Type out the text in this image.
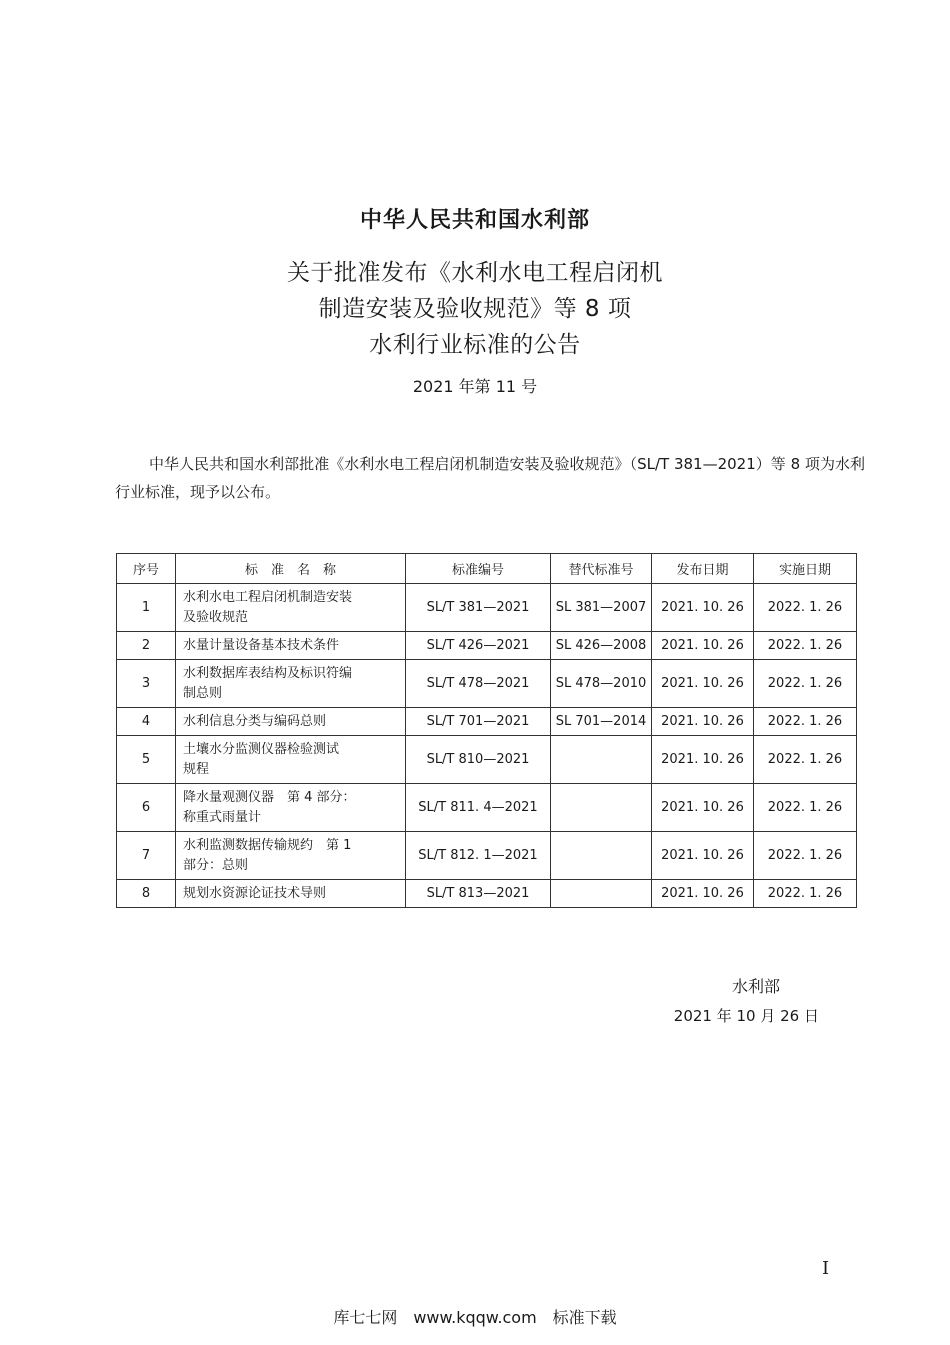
中华人民共和国水利部
关于批准发布《水利水电工程启闭机
制造安装及验收规范》等 8 项
水利行业标准的公告
2021 年第 11 号
中华人民共和国水利部批准《水利水电工程启闭机制造安装及验收规范》（SL/T 381—2021）等 8 项为水利行业标准，现予以公布。
序号	标　准　名　称	标准编号	替代标准号	发布日期	实施日期
1	水利水电工程启闭机制造安装
及验收规范	SL/T 381—2021	SL 381—2007	2021. 10. 26	2022. 1. 26
2	水量计量设备基本技术条件	SL/T 426—2021	SL 426—2008	2021. 10. 26	2022. 1. 26
3	水利数据库表结构及标识符编
制总则	SL/T 478—2021	SL 478—2010	2021. 10. 26	2022. 1. 26
4	水利信息分类与编码总则	SL/T 701—2021	SL 701—2014	2021. 10. 26	2022. 1. 26
5	土壤水分监测仪器检验测试
规程	SL/T 810—2021		2021. 10. 26	2022. 1. 26
6	降水量观测仪器　第 4 部分：
称重式雨量计	SL/T 811. 4—2021		2021. 10. 26	2022. 1. 26
7	水利监测数据传输规约　第 1
部分：总则	SL/T 812. 1—2021		2021. 10. 26	2022. 1. 26
8	规划水资源论证技术导则	SL/T 813—2021		2021. 10. 26	2022. 1. 26
水利部
2021 年 10 月 26 日
I
库七七网　www.kqqw.com　标准下载
